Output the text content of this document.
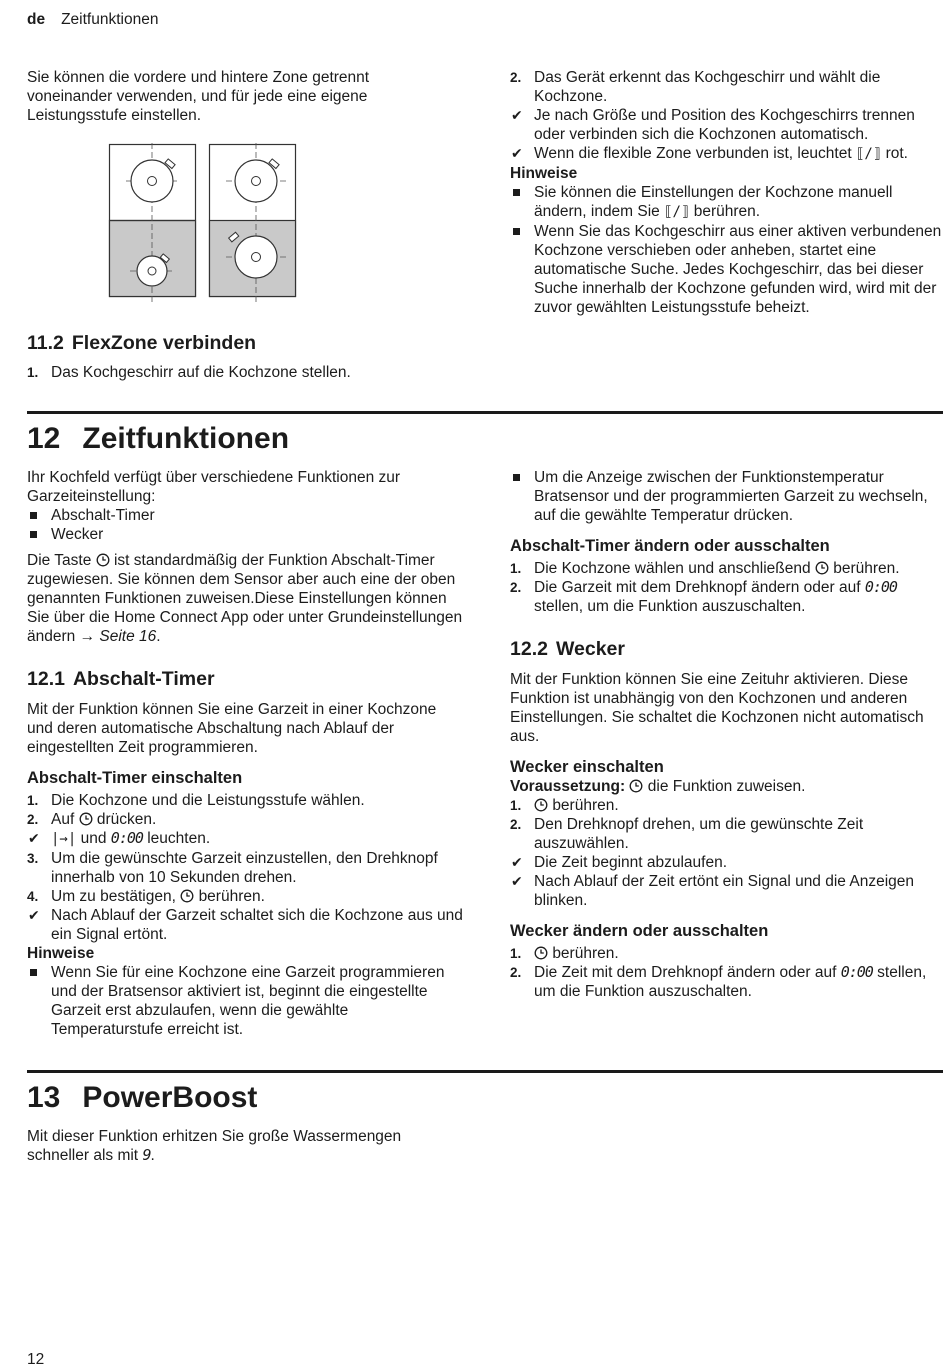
de Zeitfunktionen

Sie können die vordere und hintere Zone getrennt voneinander verwenden, und für jede eine eigene Leistungsstufe einstellen.

11.2 FlexZone verbinden
1. Das Kochgeschirr auf die Kochzone stellen.
2. Das Gerät erkennt das Kochgeschirr und wählt die Kochzone.
✔ Je nach Größe und Position des Kochgeschirrs trennen oder verbinden sich die Kochzonen automatisch.
✔ Wenn die flexible Zone verbunden ist, leuchtet ⟦/⟧ rot.
Hinweise
Sie können die Einstellungen der Kochzone manuell ändern, indem Sie ⟦/⟧ berühren.
Wenn Sie das Kochgeschirr aus einer aktiven verbundenen Kochzone verschieben oder anheben, startet eine automatische Suche. Jedes Kochgeschirr, das bei dieser Suche innerhalb der Kochzone gefunden wird, wird mit der zuvor gewählten Leistungsstufe beheizt.
12 Zeitfunktionen

Ihr Kochfeld verfügt über verschiedene Funktionen zur Garzeiteinstellung:

Abschalt-Timer
Wecker

Die Taste ist standardmäßig der Funktion Abschalt-Timer zugewiesen. Sie können dem Sensor aber auch eine der oben genannten Funktionen zuweisen.Diese Einstellungen können Sie über die Home Connect App oder unter Grundeinstellungen ändern → Seite 16.

12.1 Abschalt-Timer

Mit der Funktion können Sie eine Garzeit in einer Kochzone und deren automatische Abschaltung nach Ablauf der eingestellten Zeit programmieren.

Abschalt-Timer einschalten
1. Die Kochzone und die Leistungsstufe wählen.
2. Auf drücken.
✔ |→| und 0:00 leuchten.
3. Um die gewünschte Garzeit einzustellen, den Drehknopf innerhalb von 10 Sekunden drehen.
4. Um zu bestätigen, berühren.
✔ Nach Ablauf der Garzeit schaltet sich die Kochzone aus und ein Signal ertönt.
Hinweise
Wenn Sie für eine Kochzone eine Garzeit programmieren und der Bratsensor aktiviert ist, beginnt die eingestellte Garzeit erst abzulaufen, wenn die gewählte Temperaturstufe erreicht ist.
Um die Anzeige zwischen der Funktionstemperatur Bratsensor und der programmierten Garzeit zu wechseln, auf die gewählte Temperatur drücken.
Abschalt-Timer ändern oder ausschalten
1. Die Kochzone wählen und anschließend berühren.
2. Die Garzeit mit dem Drehknopf ändern oder auf 0:00 stellen, um die Funktion auszuschalten.
12.2 Wecker

Mit der Funktion können Sie eine Zeituhr aktivieren. Diese Funktion ist unabhängig von den Kochzonen und anderen Einstellungen. Sie schaltet die Kochzonen nicht automatisch aus.

Wecker einschalten

Voraussetzung: die Funktion zuweisen.

1. berühren.
2. Den Drehknopf drehen, um die gewünschte Zeit auszuwählen.
✔ Die Zeit beginnt abzulaufen.
✔ Nach Ablauf der Zeit ertönt ein Signal und die Anzeigen blinken.
Wecker ändern oder ausschalten
1. berühren.
2. Die Zeit mit dem Drehknopf ändern oder auf 0:00 stellen, um die Funktion auszuschalten.
13 PowerBoost

Mit dieser Funktion erhitzen Sie große Wassermengen schneller als mit 9.

12
